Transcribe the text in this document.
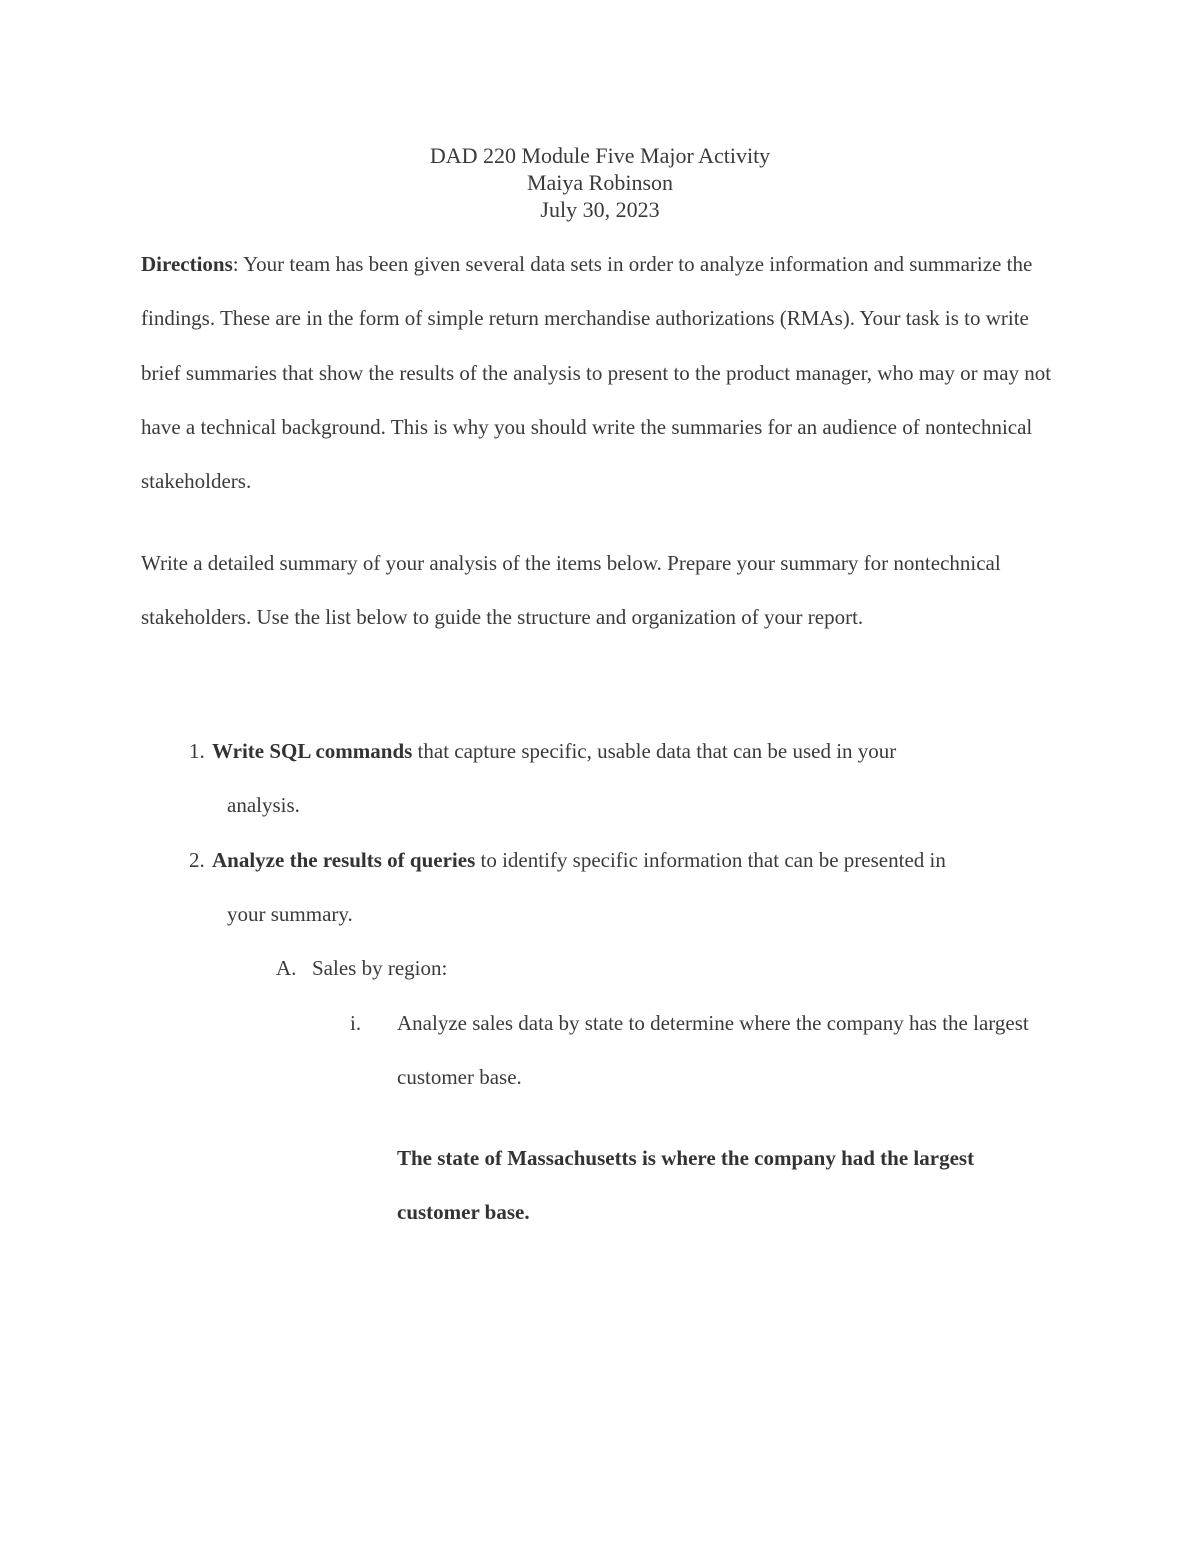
DAD 220 Module Five Major Activity
Maiya Robinson
July 30, 2023

Directions: Your team has been given several data sets in order to analyze information and summarize the findings. These are in the form of simple return merchandise authorizations (RMAs). Your task is to write brief summaries that show the results of the analysis to present to the product manager, who may or may not have a technical background. This is why you should write the summaries for an audience of nontechnical stakeholders.

Write a detailed summary of your analysis of the items below. Prepare your summary for nontechnical stakeholders. Use the list below to guide the structure and organization of your report.

1. Write SQL commands that capture specific, usable data that can be used in your
analysis.
2. Analyze the results of queries to identify specific information that can be presented in
your summary.
A. Sales by region:
i.	Analyze sales data by state to determine where the company has the largest customer base.
The state of Massachusetts is where the company had the largest customer base.
